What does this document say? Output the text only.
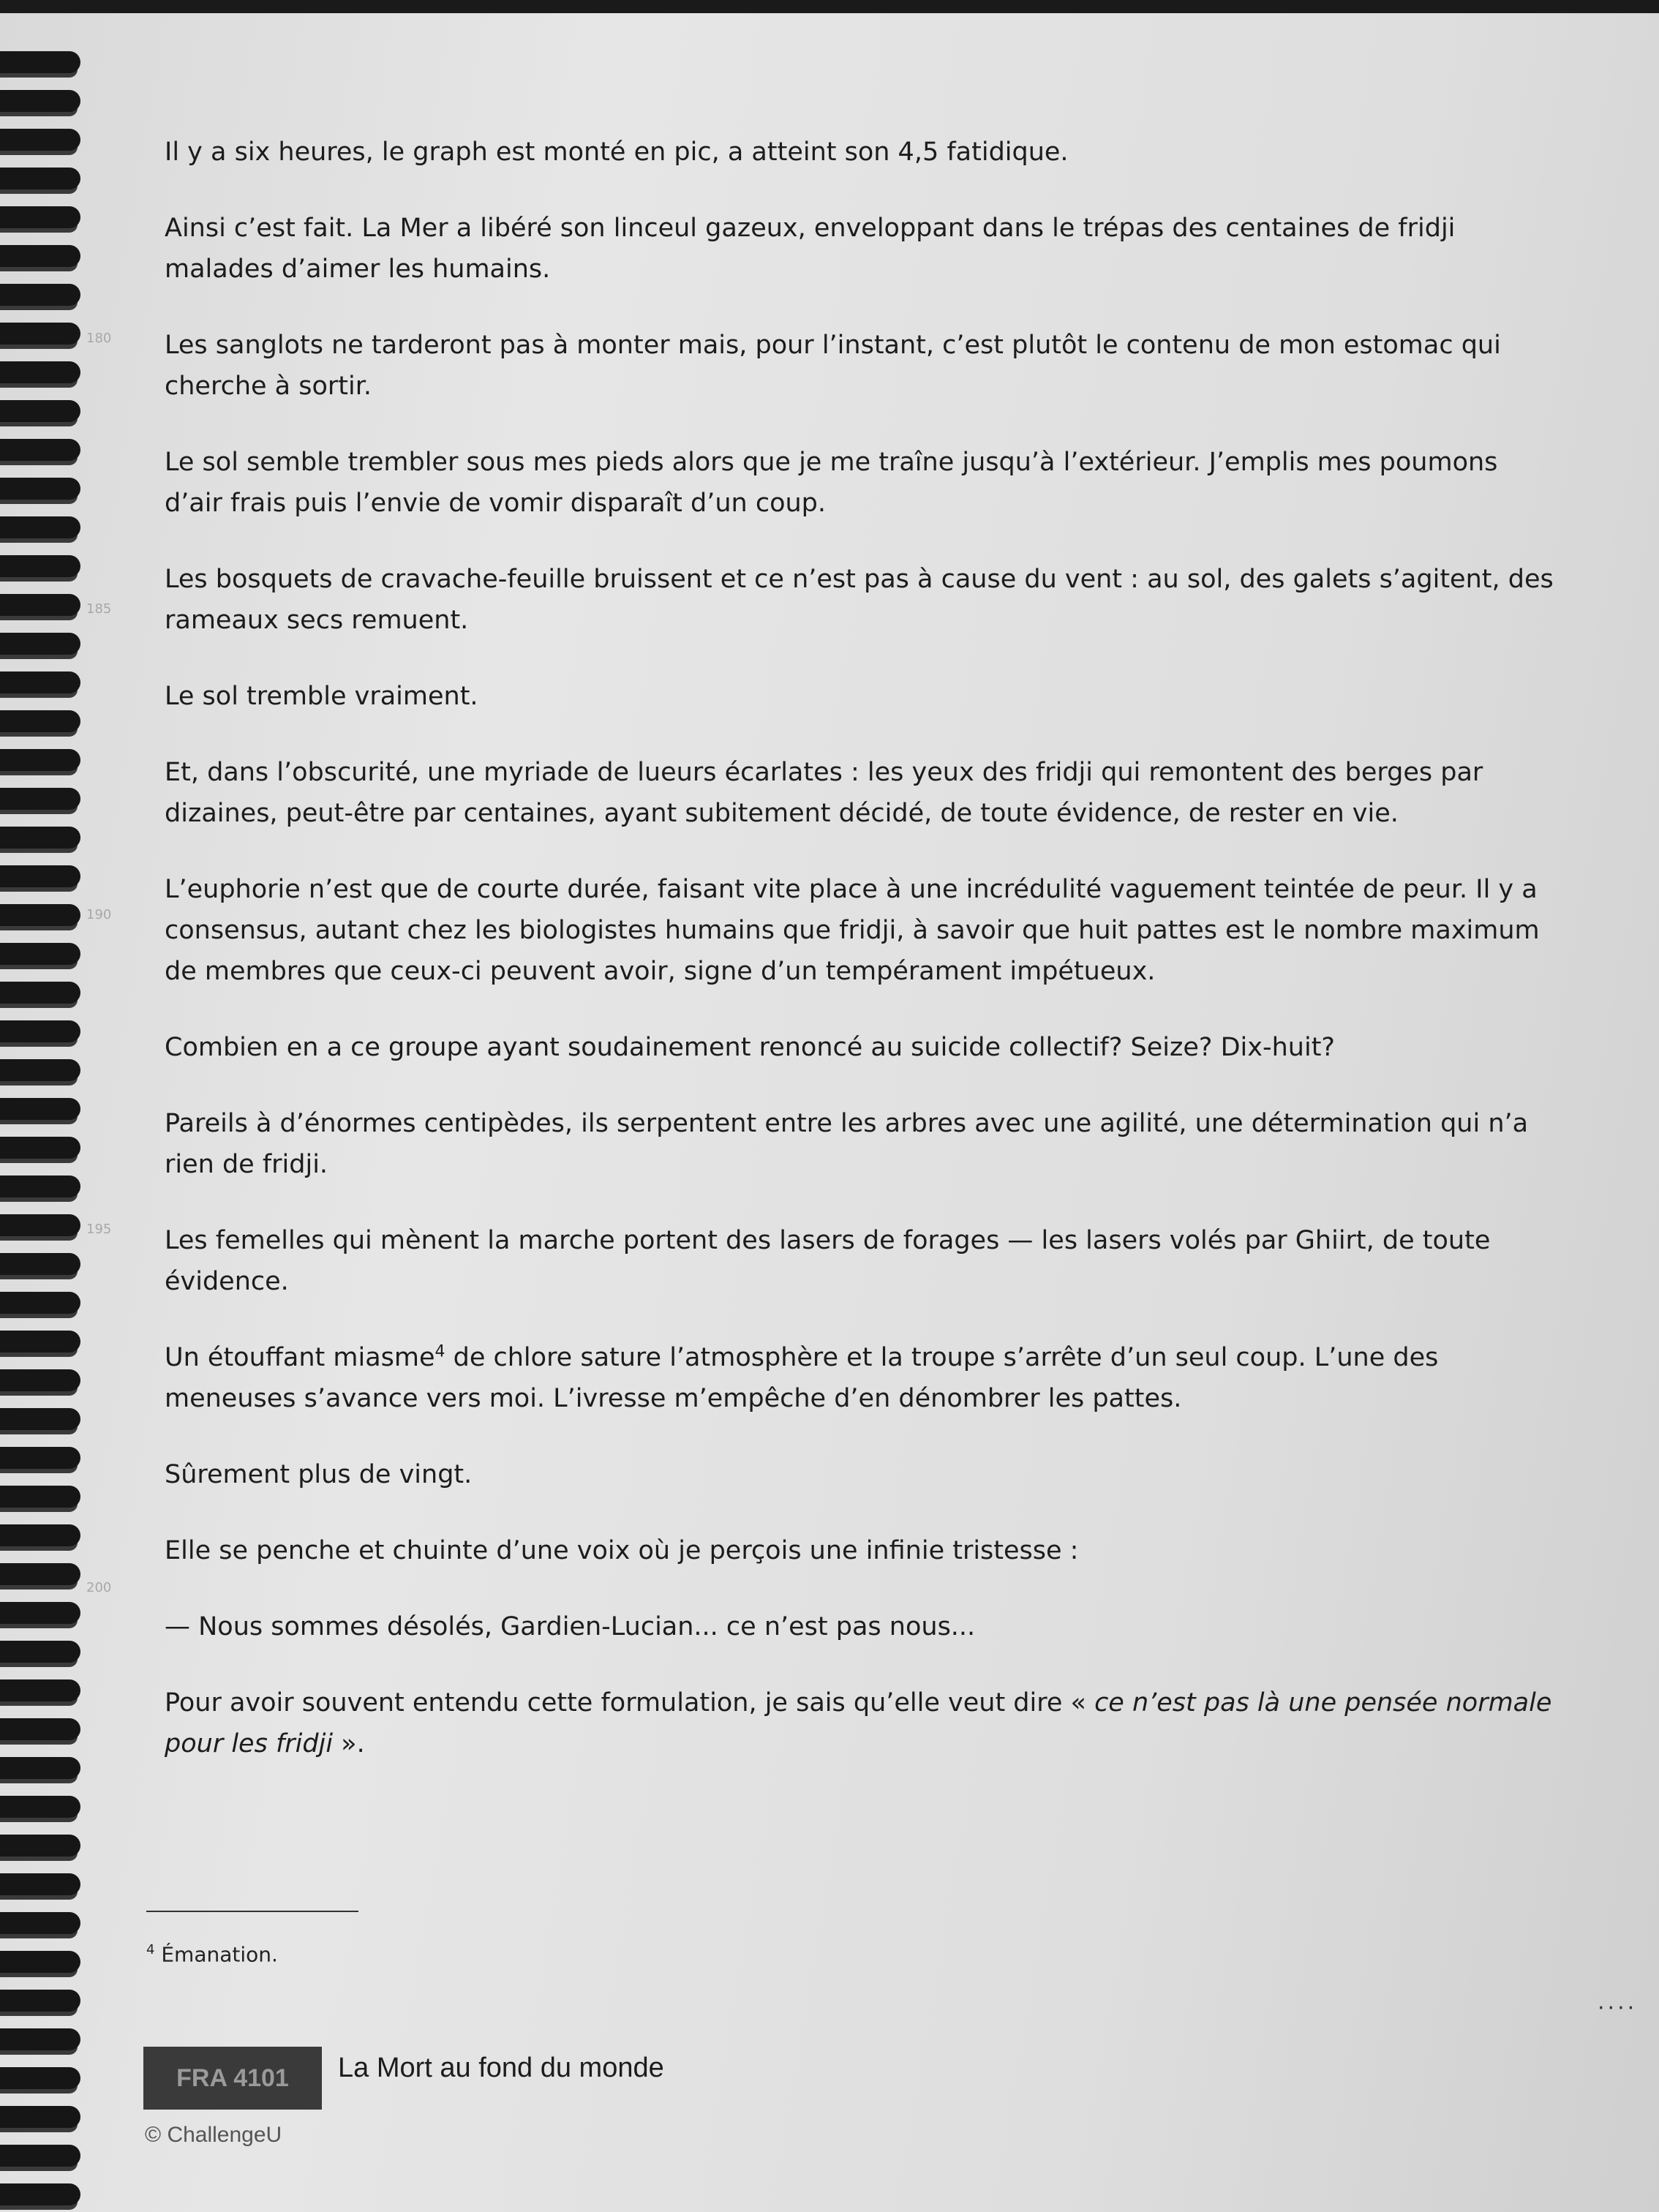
Il y a six heures, le graph est monté en pic, a atteint son 4,5 fatidique.

Ainsi c’est fait. La Mer a libéré son linceul gazeux, enveloppant dans le trépas des centaines de fridji malades d’aimer les humains.

Les sanglots ne tarderont pas à monter mais, pour l’instant, c’est plutôt le contenu de mon estomac qui cherche à sortir.

Le sol semble trembler sous mes pieds alors que je me traîne jusqu’à l’extérieur. J’emplis mes poumons d’air frais puis l’envie de vomir disparaît d’un coup.

Les bosquets de cravache-feuille bruissent et ce n’est pas à cause du vent : au sol, des galets s’agitent, des rameaux secs remuent.

Le sol tremble vraiment.

Et, dans l’obscurité, une myriade de lueurs écarlates : les yeux des fridji qui remontent des berges par dizaines, peut-être par centaines, ayant subitement décidé, de toute évidence, de rester en vie.

L’euphorie n’est que de courte durée, faisant vite place à une incrédulité vaguement teintée de peur. Il y a consensus, autant chez les biologistes humains que fridji, à savoir que huit pattes est le nombre maximum de membres que ceux-ci peuvent avoir, signe d’un tempérament impétueux.

Combien en a ce groupe ayant soudainement renoncé au suicide collectif? Seize? Dix-huit?

Pareils à d’énormes centipèdes, ils serpentent entre les arbres avec une agilité, une détermination qui n’a rien de fridji.

Les femelles qui mènent la marche portent des lasers de forages — les lasers volés par Ghiirt, de toute évidence.

Un étouffant miasme$^4$ de chlore sature l’atmosphère et la troupe s’arrête d’un seul coup. L’une des meneuses s’avance vers moi. L’ivresse m’empêche d’en dénombrer les pattes.

Sûrement plus de vingt.

Elle se penche et chuinte d’une voix où je perçois une infinie tristesse :

— Nous sommes désolés, Gardien-Lucian... ce n’est pas nous...

Pour avoir souvent entendu cette formulation, je sais qu’elle veut dire « ce n’est pas là une pensée normale pour les fridji ».

180
185
190
195
200
$^4$ Émanation.
····
FRA 4101	La Mort au fond du monde
© ChallengeU
